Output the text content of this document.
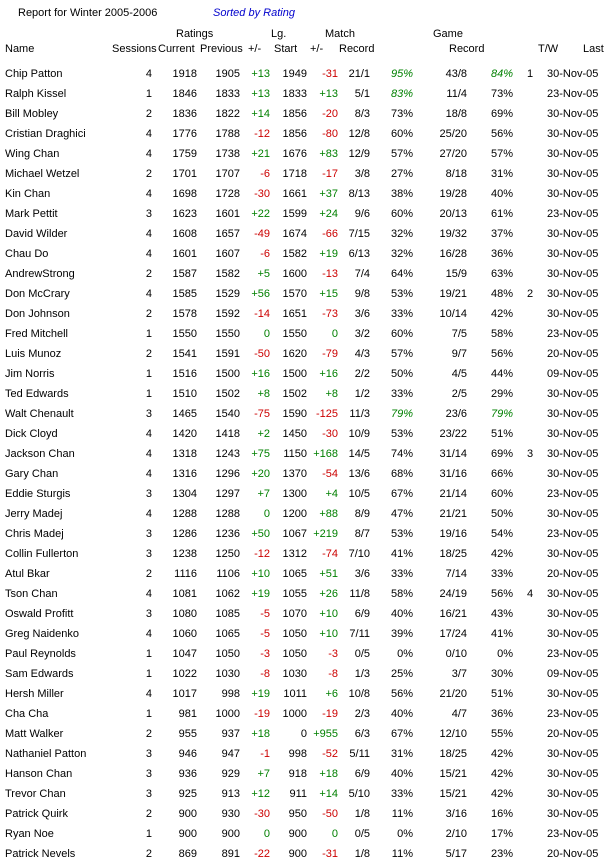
Report for Winter 2005-2006	Sorted by Rating
Ratings	Lg.	Match	Game
Name	Sessions Current Previous +/- Start +/- Record	Record	T/W Last
	Chip Patton	4	1918	1905	+13	1949	-31	21/1	95%	43/8	84%	1	30-Nov-05
	Ralph Kissel	1	1846	1833	+13	1833	+13	5/1	83%	11/4	73%		23-Nov-05
	Bill Mobley	2	1836	1822	+14	1856	-20	8/3	73%	18/8	69%		30-Nov-05
	Cristian Draghici	4	1776	1788	-12	1856	-80	12/8	60%	25/20	56%		30-Nov-05
	Wing Chan	4	1759	1738	+21	1676	+83	12/9	57%	27/20	57%		30-Nov-05
	Michael Wetzel	2	1701	1707	-6	1718	-17	3/8	27%	8/18	31%		30-Nov-05
	Kin Chan	4	1698	1728	-30	1661	+37	8/13	38%	19/28	40%		30-Nov-05
	Mark Pettit	3	1623	1601	+22	1599	+24	9/6	60%	20/13	61%		23-Nov-05
	David Wilder	4	1608	1657	-49	1674	-66	7/15	32%	19/32	37%		30-Nov-05
	Chau Do	4	1601	1607	-6	1582	+19	6/13	32%	16/28	36%		30-Nov-05
	AndrewStrong	2	1587	1582	+5	1600	-13	7/4	64%	15/9	63%		30-Nov-05
	Don McCrary	4	1585	1529	+56	1570	+15	9/8	53%	19/21	48%	2	30-Nov-05
	Don Johnson	2	1578	1592	-14	1651	-73	3/6	33%	10/14	42%		30-Nov-05
	Fred Mitchell	1	1550	1550	0	1550	0	3/2	60%	7/5	58%		23-Nov-05
	Luis Munoz	2	1541	1591	-50	1620	-79	4/3	57%	9/7	56%		20-Nov-05
	Jim Norris	1	1516	1500	+16	1500	+16	2/2	50%	4/5	44%		09-Nov-05
	Ted Edwards	1	1510	1502	+8	1502	+8	1/2	33%	2/5	29%		30-Nov-05
	Walt Chenault	3	1465	1540	-75	1590	-125	11/3	79%	23/6	79%		30-Nov-05
	Dick Cloyd	4	1420	1418	+2	1450	-30	10/9	53%	23/22	51%		30-Nov-05
	Jackson Chan	4	1318	1243	+75	1150	+168	14/5	74%	31/14	69%	3	30-Nov-05
	Gary Chan	4	1316	1296	+20	1370	-54	13/6	68%	31/16	66%		30-Nov-05
	Eddie Sturgis	3	1304	1297	+7	1300	+4	10/5	67%	21/14	60%		23-Nov-05
	Jerry Madej	4	1288	1288	0	1200	+88	8/9	47%	21/21	50%		30-Nov-05
	Chris Madej	3	1286	1236	+50	1067	+219	8/7	53%	19/16	54%		23-Nov-05
	Collin Fullerton	3	1238	1250	-12	1312	-74	7/10	41%	18/25	42%		30-Nov-05
	Atul Bkar	2	1116	1106	+10	1065	+51	3/6	33%	7/14	33%		20-Nov-05
	Tson Chan	4	1081	1062	+19	1055	+26	11/8	58%	24/19	56%	4	30-Nov-05
	Oswald Profitt	3	1080	1085	-5	1070	+10	6/9	40%	16/21	43%		30-Nov-05
	Greg Naidenko	4	1060	1065	-5	1050	+10	7/11	39%	17/24	41%		30-Nov-05
	Paul Reynolds	1	1047	1050	-3	1050	-3	0/5	0%	0/10	0%		23-Nov-05
	Sam Edwards	1	1022	1030	-8	1030	-8	1/3	25%	3/7	30%		09-Nov-05
	Hersh Miller	4	1017	998	+19	1011	+6	10/8	56%	21/20	51%		30-Nov-05
	Cha Cha	1	981	1000	-19	1000	-19	2/3	40%	4/7	36%		23-Nov-05
	Matt Walker	2	955	937	+18	0	+955	6/3	67%	12/10	55%		20-Nov-05
	Nathaniel Patton	3	946	947	-1	998	-52	5/11	31%	18/25	42%		30-Nov-05
	Hanson Chan	3	936	929	+7	918	+18	6/9	40%	15/21	42%		30-Nov-05
	Trevor Chan	3	925	913	+12	911	+14	5/10	33%	15/21	42%		30-Nov-05
	Patrick Quirk	2	900	930	-30	950	-50	1/8	11%	3/16	16%		30-Nov-05
	Ryan Noe	1	900	900	0	900	0	0/5	0%	2/10	17%		23-Nov-05
	Patrick Nevels	2	869	891	-22	900	-31	1/8	11%	5/17	23%		20-Nov-05
